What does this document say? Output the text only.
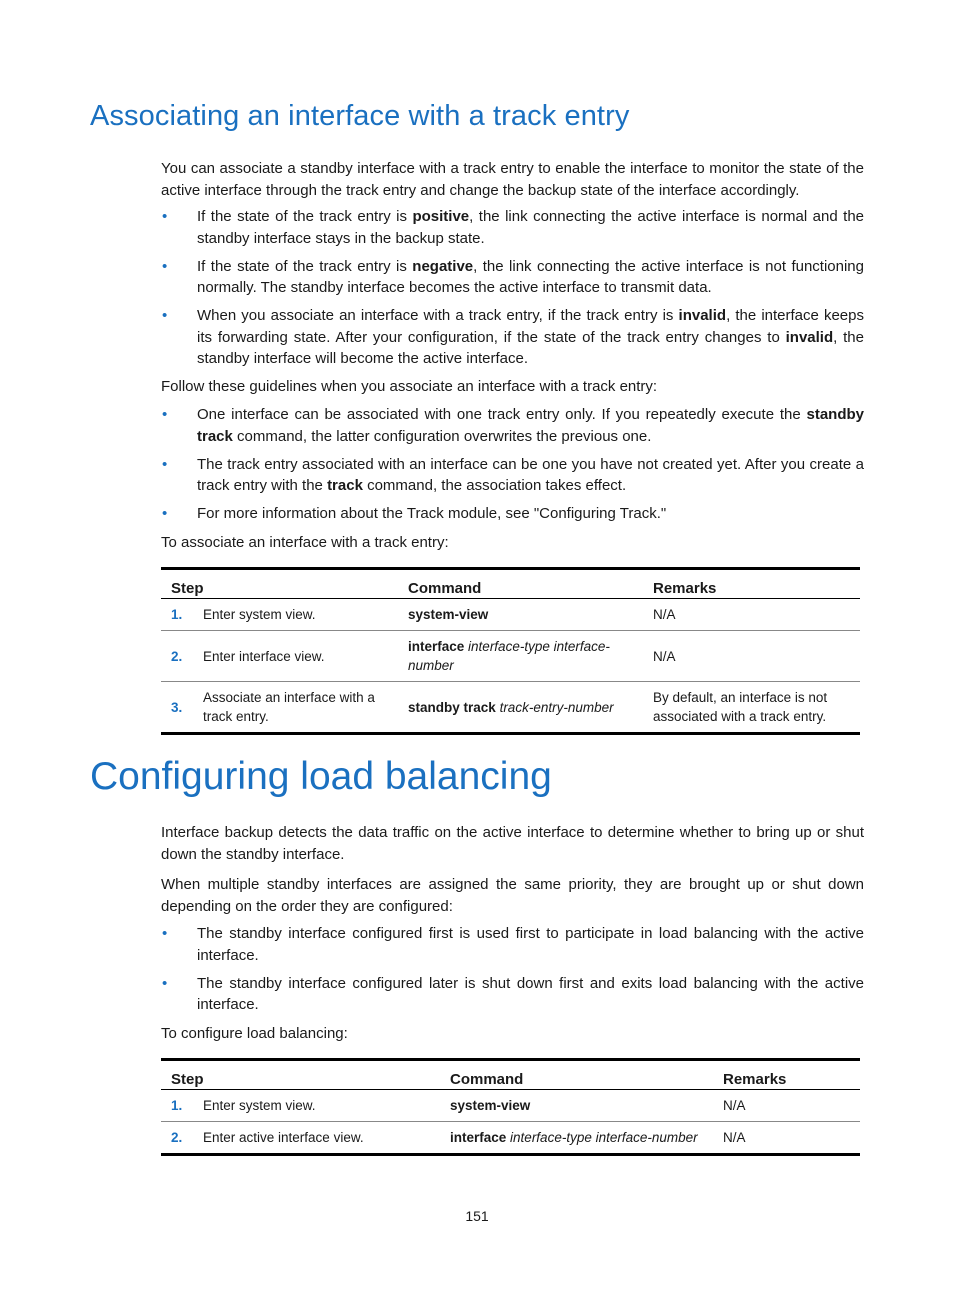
Associating an interface with a track entry

You can associate a standby interface with a track entry to enable the interface to monitor the state of the active interface through the track entry and change the backup state of the interface accordingly.

• If the state of the track entry is positive, the link connecting the active interface is normal and the standby interface stays in the backup state.
• If the state of the track entry is negative, the link connecting the active interface is not functioning normally. The standby interface becomes the active interface to transmit data.
• When you associate an interface with a track entry, if the track entry is invalid, the interface keeps its forwarding state. After your configuration, if the state of the track entry changes to invalid, the standby interface will become the active interface.

Follow these guidelines when you associate an interface with a track entry:

• One interface can be associated with one track entry only. If you repeatedly execute the standby track command, the latter configuration overwrites the previous one.
• The track entry associated with an interface can be one you have not created yet. After you create a track entry with the track command, the association takes effect.
• For more information about the Track module, see "Configuring Track."

To associate an interface with a track entry:

Step		Command	Remarks
1.	Enter system view.	system-view	N/A
2.	Enter interface view.	interface interface-type interface-number	N/A
3.	Associate an interface with a track entry.	standby track track-entry-number	By default, an interface is not associated with a track entry.
Configuring load balancing

Interface backup detects the data traffic on the active interface to determine whether to bring up or shut down the standby interface.

When multiple standby interfaces are assigned the same priority, they are brought up or shut down depending on the order they are configured:

• The standby interface configured first is used first to participate in load balancing with the active interface.
• The standby interface configured later is shut down first and exits load balancing with the active interface.

To configure load balancing:

Step		Command	Remarks
1.	Enter system view.	system-view	N/A
2.	Enter active interface view.	interface interface-type interface-number	N/A
151
